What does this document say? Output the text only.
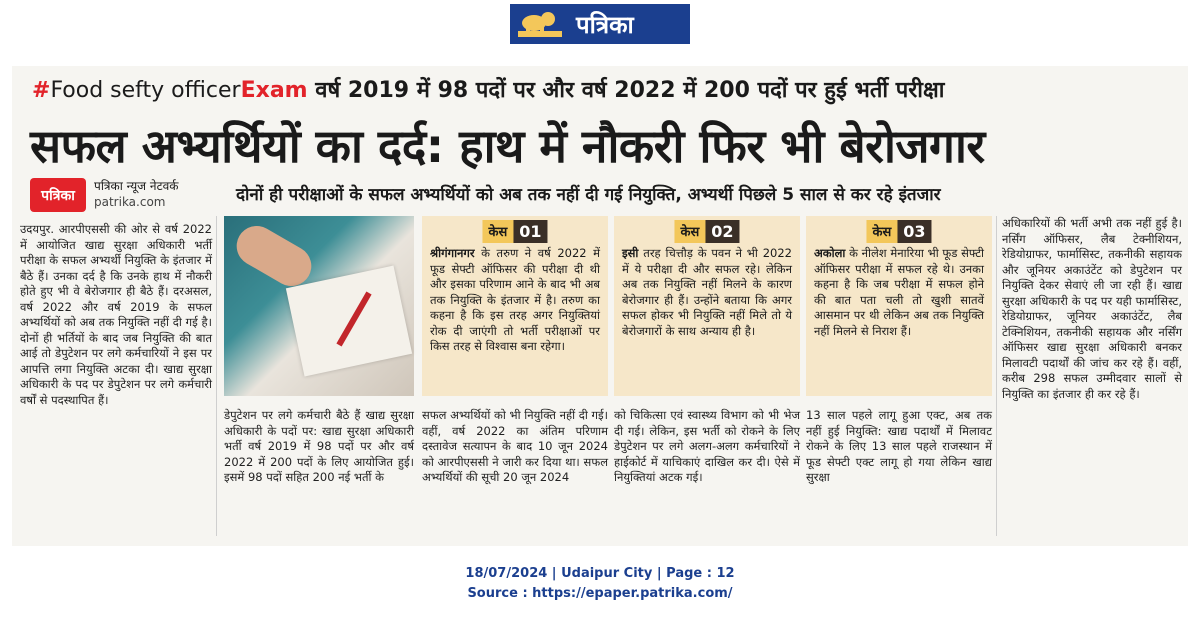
पत्रिका
#Food sefty officerExam वर्ष 2019 में 98 पदों पर और वर्ष 2022 में 200 पदों पर हुई भर्ती परीक्षा
सफल अभ्यर्थियों का दर्द: हाथ में नौकरी फिर भी बेरोजगार
पत्रिका
पत्रिका न्यूज नेटवर्क
patrika.com	दोनों ही परीक्षाओं के सफल अभ्यर्थियों को अब तक नहीं दी गई नियुक्ति, अभ्यर्थी पिछले 5 साल से कर रहे इंतजार

उदयपुर. आरपीएससी की ओर से वर्ष 2022 में आयोजित खाद्य सुरक्षा अधिकारी भर्ती परीक्षा के सफल अभ्यर्थी नियुक्ति के इंतजार में बैठे हैं। उनका दर्द है कि उनके हाथ में नौकरी होते हुए भी वे बेरोजगार ही बैठे हैं। दरअसल, वर्ष 2022 और वर्ष 2019 के सफल अभ्यर्थियों को अब तक नियुक्ति नहीं दी गई है। दोनों ही भर्तियों के बाद जब नियुक्ति की बात आई तो डेपुटेशन पर लगे कर्मचारियों ने इस पर आपत्ति लगा नियुक्ति अटका दी। खाद्य सुरक्षा अधिकारी के पद पर डेपुटेशन पर लगे कर्मचारी वर्षों से पदस्थापित हैं।

केस 01
श्रीगंगानगर के तरुण ने वर्ष 2022 में फूड सेफ्टी ऑफिसर की परीक्षा दी थी और इसका परिणाम आने के बाद भी अब तक नियुक्ति के इंतजार में है। तरुण का कहना है कि इस तरह अगर नियुक्तियां रोक दी जाएंगी तो भर्ती परीक्षाओं पर किस तरह से विश्वास बना रहेगा।
केस 02
इसी तरह चित्तौड़ के पवन ने भी 2022 में ये परीक्षा दी और सफल रहे। लेकिन अब तक नियुक्ति नहीं मिलने के कारण बेरोजगार ही हैं। उन्होंने बताया कि अगर सफल होकर भी नियुक्ति नहीं मिले तो ये बेरोजगारों के साथ अन्याय ही है।
केस 03
अकोला के नीलेश मेनारिया भी फूड सेफ्टी ऑफिसर परीक्षा में सफल रहे थे। उनका कहना है कि जब परीक्षा में सफल होने की बात पता चली तो खुशी सातवें आसमान पर थी लेकिन अब तक नियुक्ति नहीं मिलने से निराश हैं।

डेपुटेशन पर लगे कर्मचारी बैठे हैं खाद्य सुरक्षा अधिकारी के पदों पर: खाद्य सुरक्षा अधिकारी भर्ती वर्ष 2019 में 98 पदों पर और वर्ष 2022 में 200 पदों के लिए आयोजित हुई। इसमें 98 पदों सहित 200 नई भर्ती के

सफल अभ्यर्थियों को भी नियुक्ति नहीं दी गई। वहीं, वर्ष 2022 का अंतिम परिणाम दस्तावेज सत्यापन के बाद 10 जून 2024 को आरपीएससी ने जारी कर दिया था। सफल अभ्यर्थियों की सूची 20 जून 2024

को चिकित्सा एवं स्वास्थ्य विभाग को भी भेज दी गई। लेकिन, इस भर्ती को रोकने के लिए डेपुटेशन पर लगे अलग-अलग कर्मचारियों ने हाईकोर्ट में याचिकाएं दाखिल कर दी। ऐसे में नियुक्तियां अटक गई।

13 साल पहले लागू हुआ एक्ट, अब तक नहीं हुई नियुक्ति: खाद्य पदार्थों में मिलावट रोकने के लिए 13 साल पहले राजस्थान में फूड सेफ्टी एक्ट लागू हो गया लेकिन खाद्य सुरक्षा

अधिकारियों की भर्ती अभी तक नहीं हुई है। नर्सिंग ऑफिसर, लैब टेक्नीशियन, रेडियोग्राफर, फार्मासिस्ट, तकनीकी सहायक और जूनियर अकाउंटेंट को डेपुटेशन पर नियुक्ति देकर सेवाएं ली जा रही हैं। खाद्य सुरक्षा अधिकारी के पद पर यही फार्मासिस्ट, रेडियोग्राफर, जूनियर अकाउंटेंट, लैब टेक्निशियन, तकनीकी सहायक और नर्सिंग ऑफिसर खाद्य सुरक्षा अधिकारी बनकर मिलावटी पदार्थों की जांच कर रहे हैं। वहीं, करीब 298 सफल उम्मीदवार सालों से नियुक्ति का इंतजार ही कर रहे हैं।

18/07/2024 | Udaipur City | Page : 12
Source : https://epaper.patrika.com/
